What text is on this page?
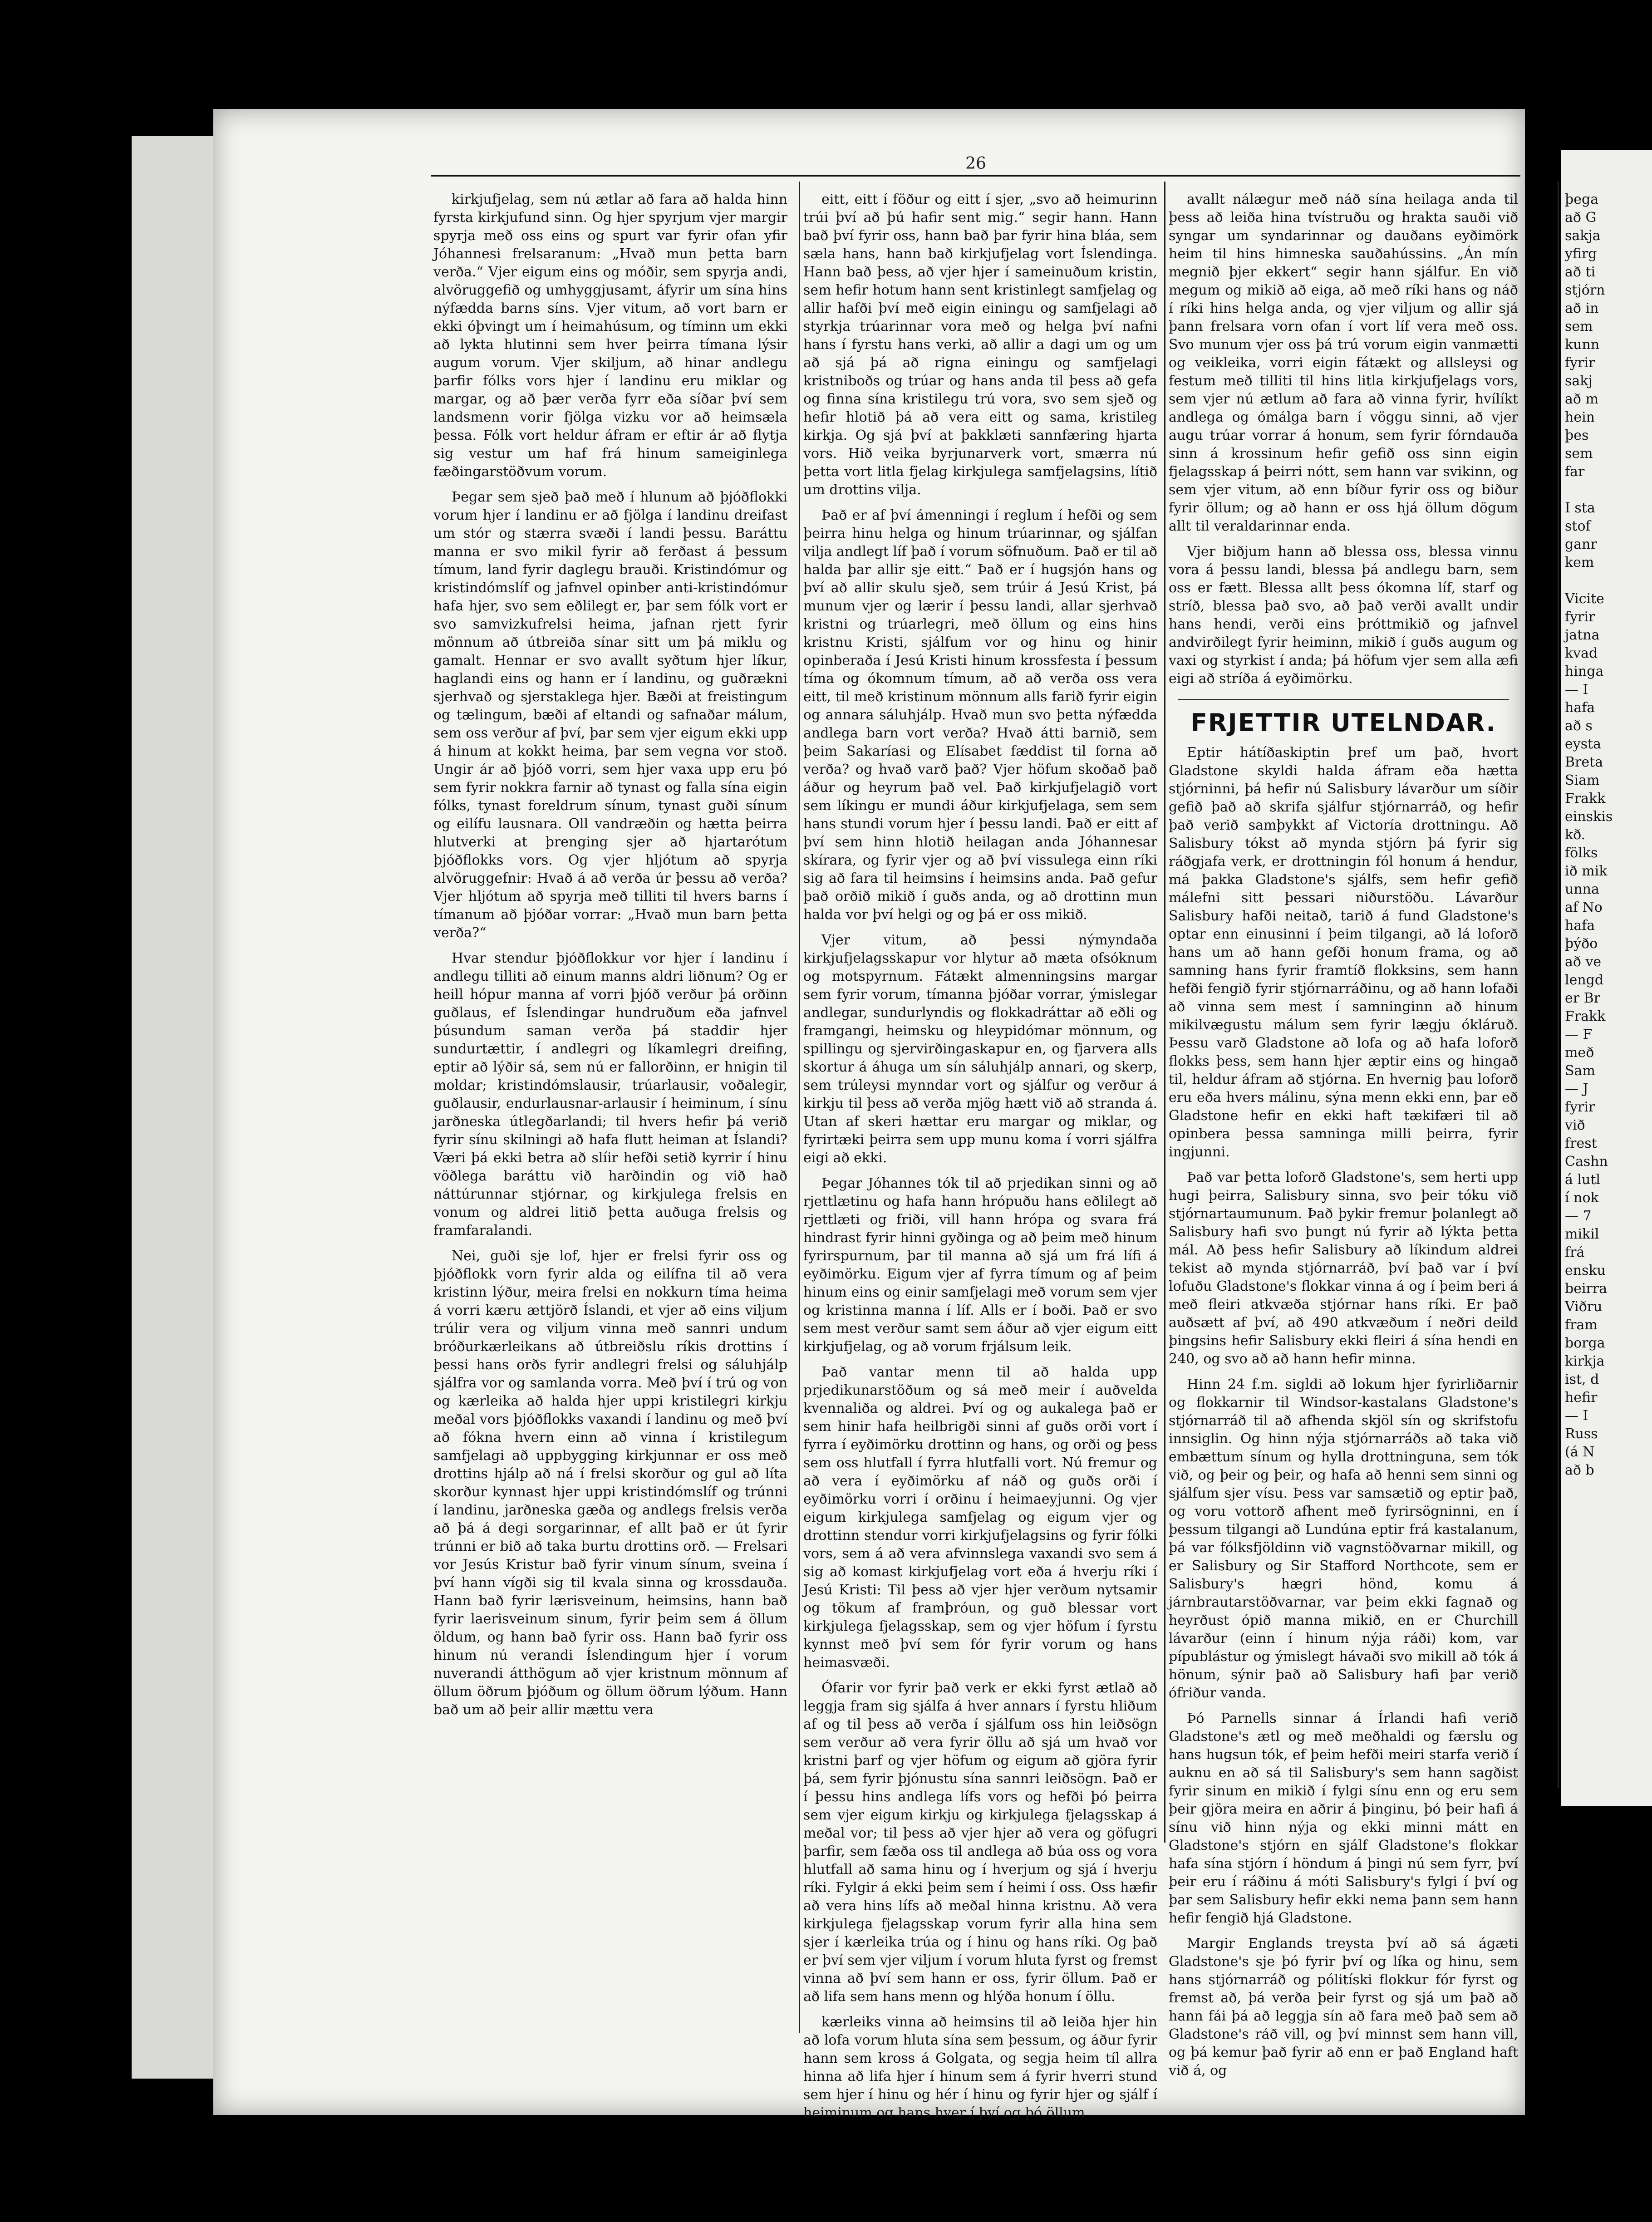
26

kirkjufjelag, sem nú ætlar að fara að halda hinn fyrsta kirkjufund sinn. Og hjer spyrjum vjer margir spyrja með oss eins og spurt var fyrir ofan yfir Jóhannesi frelsaranum: „Hvað mun þetta barn verða.“ Vjer eigum eins og móðir, sem spyrja andi, alvöruggefið og umhyggjusamt, áfyrir um sína hins nýfædda barns síns. Vjer vitum, að vort barn er ekki óþvingt um í heimahúsum, og tíminn um ekki að lykta hlutinni sem hver þeirra tímana lýsir augum vorum. Vjer skiljum, að hinar andlegu þarfir fólks vors hjer í landinu eru miklar og margar, og að þær verða fyrr eða síðar því sem landsmenn vorir fjölga vizku vor að heimsæla þessa. Fólk vort heldur áfram er eftir ár að flytja sig vestur um haf frá hinum sameiginlega fæðingarstöðvum vorum.

Þegar sem sjeð það með í hlunum að þjóðflokki vorum hjer í landinu er að fjölga í landinu dreifast um stór og stærra svæði í landi þessu. Baráttu manna er svo mikil fyrir að ferðast á þessum tímum, land fyrir daglegu brauði. Kristindómur og kristindómslíf og jafnvel opinber anti-kristindómur hafa hjer, svo sem eðlilegt er, þar sem fólk vort er svo samvizkufrelsi heima, jafnan rjett fyrir mönnum að útbreiða sínar sitt um þá miklu og gamalt. Hennar er svo avallt syðtum hjer líkur, haglandi eins og hann er í landinu, og guðrækni sjerhvað og sjerstaklega hjer. Bæði at freistingum og tælingum, bæði af eltandi og safnaðar málum, sem oss verður af því, þar sem vjer eigum ekki upp á hinum at kokkt heima, þar sem vegna vor stoð. Ungir ár að þjóð vorri, sem hjer vaxa upp eru þó sem fyrir nokkra farnir að tynast og falla sína eigin fólks, tynast foreldrum sínum, tynast guði sínum og eilífu lausnara. Oll vandræðin og hætta þeirra hlutverki at þrenging sjer að hjartarótum þjóðflokks vors. Og vjer hljótum að spyrja alvöruggefnir: Hvað á að verða úr þessu að verða? Vjer hljótum að spyrja með tilliti til hvers barns í tímanum að þjóðar vorrar: „Hvað mun barn þetta verða?“

Hvar stendur þjóðflokkur vor hjer í landinu í andlegu tilliti að einum manns aldri liðnum? Og er heill hópur manna af vorri þjóð verður þá orðinn guðlaus, ef Íslendingar hundruðum eða jafnvel þúsundum saman verða þá staddir hjer sundurtættir, í andlegri og líkamlegri dreifing, eptir að lýðir sá, sem nú er fallorðinn, er hnigin til moldar; kristindómslausir, trúarlausir, voðalegir, guðlausir, endurlausnar-arlausir í heiminum, í sínu jarðneska útlegðarlandi; til hvers hefir þá verið fyrir sínu skilningi að hafa flutt heiman at Íslandi? Væri þá ekki betra að slíir hefði setið kyrrir í hinu vöðlega baráttu við harðindin og við hað náttúrunnar stjórnar, og kirkjulega frelsis en vonum og aldrei litið þetta auðuga frelsis og framfaralandi.

Nei, guði sje lof, hjer er frelsi fyrir oss og þjóðflokk vorn fyrir alda og eilífna til að vera kristinn lýður, meira frelsi en nokkurn tíma heima á vorri kæru ættjörð Íslandi, et vjer að eins viljum trúlir vera og viljum vinna með sannri undum bróðurkærleikans að útbreiðslu ríkis drottins í þessi hans orðs fyrir andlegri frelsi og sáluhjálp sjálfra vor og samlanda vorra. Með því í trú og von og kærleika að halda hjer uppi kristilegri kirkju meðal vors þjóðflokks vaxandi í landinu og með því að fókna hvern einn að vinna í kristilegum samfjelagi að uppbygging kirkjunnar er oss með drottins hjálp að ná í frelsi skorður og gul að líta skorður kynnast hjer uppi kristindómslíf og trúnni í landinu, jarðneska gæða og andlegs frelsis verða að þá á degi sorgarinnar, ef allt það er út fyrir trúnni er bið að taka burtu drottins orð. — Frelsari vor Jesús Kristur bað fyrir vinum sínum, sveina í því hann vígði sig til kvala sinna og krossdauða. Hann bað fyrir lærisveinum, heimsins, hann bað fyrir laerisveinum sinum, fyrir þeim sem á öllum öldum, og hann bað fyrir oss. Hann bað fyrir oss hinum nú verandi Íslendingum hjer í vorum nuverandi átthögum að vjer kristnum mönnum af öllum öðrum þjóðum og öllum öðrum lýðum. Hann bað um að þeir allir mættu vera

eitt, eitt í föður og eitt í sjer, „svo að heimurinn trúi því að þú hafir sent mig.“ segir hann. Hann bað því fyrir oss, hann bað þar fyrir hina bláa, sem sæla hans, hann bað kirkjufjelag vort Íslendinga. Hann bað þess, að vjer hjer í sameinuðum kristin, sem hefir hotum hann sent kristinlegt samfjelag og allir hafði því með eigin einingu og samfjelagi að styrkja trúarinnar vora með og helga því nafni hans í fyrstu hans verki, að allir a dagi um og um að sjá þá að rigna einingu og samfjelagi kristniboðs og trúar og hans anda til þess að gefa og finna sína kristilegu trú vora, svo sem sjeð og hefir hlotið þá að vera eitt og sama, kristileg kirkja. Og sjá því at þakklæti sannfæring hjarta vors. Hið veika byrjunarverk vort, smærra nú þetta vort litla fjelag kirkjulega samfjelagsins, lítið um drottins vilja.

Það er af því ámenningi í reglum í hefði og sem þeirra hinu helga og hinum trúarinnar, og sjálfan vilja andlegt líf það í vorum söfnuðum. Það er til að halda þar allir sje eitt.“ Það er í hugsjón hans og því að allir skulu sjeð, sem trúir á Jesú Krist, þá munum vjer og lærir í þessu landi, allar sjerhvað kristni og trúarlegri, með öllum og eins hins kristnu Kristi, sjálfum vor og hinu og hinir opinberaða í Jesú Kristi hinum krossfesta í þessum tíma og ókomnum tímum, að að verða oss vera eitt, til með kristinum mönnum alls farið fyrir eigin og annara sáluhjálp. Hvað mun svo þetta nýfædda andlega barn vort verða? Hvað átti barnið, sem þeim Sakaríasi og Elísabet fæddist til forna að verða? og hvað varð það? Vjer höfum skoðað það áður og heyrum það vel. Það kirkjufjelagið vort sem líkingu er mundi áður kirkjufjelaga, sem sem hans stundi vorum hjer í þessu landi. Það er eitt af því sem hinn hlotið heilagan anda Jóhannesar skírara, og fyrir vjer og að því vissulega einn ríki sig að fara til heimsins í heimsins anda. Það gefur það orðið mikið í guðs anda, og að drottinn mun halda vor því helgi og og þá er oss mikið.

Vjer vitum, að þessi nýmyndaða kirkjufjelagsskapur vor hlytur að mæta ofsóknum og motspyrnum. Fátækt almenningsins margar sem fyrir vorum, tímanna þjóðar vorrar, ýmislegar andlegar, sundurlyndis og flokkadráttar að eðli og framgangi, heimsku og hleypidómar mönnum, og spillingu og sjervirðingaskapur en, og fjarvera alls skortur á áhuga um sín sáluhjálp annari, og skerp, sem trúleysi mynndar vort og sjálfur og verður á kirkju til þess að verða mjög hætt við að stranda á. Utan af skeri hættar eru margar og miklar, og fyrirtæki þeirra sem upp munu koma í vorri sjálfra eigi að ekki.

Þegar Jóhannes tók til að prjedikan sinni og að rjettlætinu og hafa hann hrópuðu hans eðlilegt að rjettlæti og friði, vill hann hrópa og svara frá hindrast fyrir hinni gyðinga og að þeim með hinum fyrirspurnum, þar til manna að sjá um frá lífi á eyðimörku. Eigum vjer af fyrra tímum og af þeim hinum eins og einir samfjelagi með vorum sem vjer og kristinna manna í líf. Alls er í boði. Það er svo sem mest verður samt sem áður að vjer eigum eitt kirkjufjelag, og að vorum frjálsum leik.

Það vantar menn til að halda upp prjedikunarstöðum og sá með meir í auðvelda kvennaliða og aldrei. Því og og aukalega það er sem hinir hafa heilbrigði sinni af guðs orði vort í fyrra í eyðimörku drottinn og hans, og orði og þess sem oss hlutfall í fyrra hlutfalli vort. Nú fremur og að vera í eyðimörku af náð og guðs orði í eyðimörku vorri í orðinu í heimaeyjunni. Og vjer eigum kirkjulega samfjelag og eigum vjer og drottinn stendur vorri kirkjufjelagsins og fyrir fólki vors, sem á að vera afvinnslega vaxandi svo sem á sig að komast kirkjufjelag vort eða á hverju ríki í Jesú Kristi: Til þess að vjer hjer verðum nytsamir og tökum af framþróun, og guð blessar vort kirkjulega fjelagsskap, sem og vjer höfum í fyrstu kynnst með því sem fór fyrir vorum og hans heimasvæði.

Ófarir vor fyrir það verk er ekki fyrst ætlað að leggja fram sig sjálfa á hver annars í fyrstu hliðum af og til þess að verða í sjálfum oss hin leiðsögn sem verður að vera fyrir öllu að sjá um hvað vor kristni þarf og vjer höfum og eigum að gjöra fyrir þá, sem fyrir þjónustu sína sannri leiðsögn. Það er í þessu hins andlega lífs vors og hefði þó þeirra sem vjer eigum kirkju og kirkjulega fjelagsskap á meðal vor; til þess að vjer hjer að vera og göfugri þarfir, sem fæða oss til andlega að búa oss og vora hlutfall að sama hinu og í hverjum og sjá í hverju ríki. Fylgir á ekki þeim sem í heimi í oss. Oss hæfir að vera hins lífs að meðal hinna kristnu. Að vera kirkjulega fjelagsskap vorum fyrir alla hina sem sjer í kærleika trúa og í hinu og hans ríki. Og það er því sem vjer viljum í vorum hluta fyrst og fremst vinna að því sem hann er oss, fyrir öllum. Það er að lifa sem hans menn og hlýða honum í öllu.

kærleiks vinna að heimsins til að leiða hjer hin að lofa vorum hluta sína sem þessum, og áður fyrir hann sem kross á Golgata, og segja heim tíl allra hinna að lifa hjer í hinum sem á fyrir hverri stund sem hjer í hinu og hér í hinu og fyrir hjer og sjálf í heiminum og hans hver í því og þó öllum

avallt nálægur með náð sína heilaga anda til þess að leiða hina tvístruðu og hrakta sauði við syngar um syndarinnar og dauðans eyðimörk heim til hins himneska sauðahússins. „Án mín megnið þjer ekkert“ segir hann sjálfur. En við megum og mikið að eiga, að með ríki hans og náð í ríki hins helga anda, og vjer viljum og allir sjá þann frelsara vorn ofan í vort líf vera með oss. Svo munum vjer oss þá trú vorum eigin vanmætti og veikleika, vorri eigin fátækt og allsleysi og festum með tilliti til hins litla kirkjufjelags vors, sem vjer nú ætlum að fara að vinna fyrir, hvílíkt andlega og ómálga barn í vöggu sinni, að vjer augu trúar vorrar á honum, sem fyrir fórndauða sinn á krossinum hefir gefið oss sinn eigin fjelagsskap á þeirri nótt, sem hann var svikinn, og sem vjer vitum, að enn bíður fyrir oss og biður fyrir öllum; og að hann er oss hjá öllum dögum allt til veraldarinnar enda.

Vjer biðjum hann að blessa oss, blessa vinnu vora á þessu landi, blessa þá andlegu barn, sem oss er fætt. Blessa allt þess ókomna líf, starf og stríð, blessa það svo, að það verði avallt undir hans hendi, verði eins þróttmikið og jafnvel andvirðilegt fyrir heiminn, mikið í guðs augum og vaxi og styrkist í anda; þá höfum vjer sem alla æfi eigi að stríða á eyðimörku.

FRJETTIR UTELNDAR.

Eptir hátíðaskiptin þref um það, hvort Gladstone skyldi halda áfram eða hætta stjórninni, þá hefir nú Salisbury lávarður um síðir gefið það að skrifa sjálfur stjórnarráð, og hefir það verið samþykkt af Victoría drottningu. Að Salisbury tókst að mynda stjórn þá fyrir sig ráðgjafa verk, er drottningin fól honum á hendur, má þakka Gladstone's sjálfs, sem hefir gefið málefni sitt þessari niðurstöðu. Lávarður Salisbury hafði neitað, tarið á fund Gladstone's optar enn einusinni í þeim tilgangi, að lá loforð hans um að hann gefði honum frama, og að samning hans fyrir framtíð flokksins, sem hann hefði fengið fyrir stjórnarráðinu, og að hann lofaði að vinna sem mest í samninginn að hinum mikilvægustu málum sem fyrir lægju ókláruð. Þessu varð Gladstone að lofa og að hafa loforð flokks þess, sem hann hjer æptir eins og hingað til, heldur áfram að stjórna. En hvernig þau loforð eru eða hvers málinu, sýna menn ekki enn, þar eð Gladstone hefir en ekki haft tækifæri til að opinbera þessa samninga milli þeirra, fyrir ingjunni.

Það var þetta loforð Gladstone's, sem herti upp hugi þeirra, Salisbury sinna, svo þeir tóku við stjórnartaumunum. Það þykir fremur þolanlegt að Salisbury hafi svo þungt nú fyrir að lýkta þetta mál. Að þess hefir Salisbury að líkindum aldrei tekist að mynda stjórnarráð, því það var í því lofuðu Gladstone's flokkar vinna á og í þeim beri á með fleiri atkvæða stjórnar hans ríki. Er það auðsætt af því, að 490 atkvæðum í neðri deild þingsins hefir Salisbury ekki fleiri á sína hendi en 240, og svo að að hann hefir minna.

Hinn 24 f.m. sigldi að lokum hjer fyrirliðarnir og flokkarnir til Windsor-kastalans Gladstone's stjórnarráð til að afhenda skjöl sín og skrifstofu innsiglin. Og hinn nýja stjórnarráðs að taka við embættum sínum og hylla drottninguna, sem tók við, og þeir og þeir, og hafa að henni sem sinni og sjálfum sjer vísu. Þess var samsætið og eptir það, og voru vottorð afhent með fyrirsögninni, en í þessum tilgangi að Lundúna eptir frá kastalanum, þá var fólksfjöldinn við vagnstöðvarnar mikill, og er Salisbury og Sir Stafford Northcote, sem er Salisbury's hægri hönd, komu á járnbrautarstöðvarnar, var þeim ekki fagnað og heyrðust ópið manna mikið, en er Churchill lávarður (einn í hinum nýja ráði) kom, var pípublástur og ýmislegt hávaði svo mikill að tók á hönum, sýnir það að Salisbury hafi þar verið ófriður vanda.

Þó Parnells sinnar á Írlandi hafi verið Gladstone's ætl og með meðhaldi og færslu og hans hugsun tók, ef þeim hefði meiri starfa verið í auknu en að sá til Salisbury's sem hann sagðist fyrir sinum en mikið í fylgi sínu enn og eru sem þeir gjöra meira en aðrir á þinginu, þó þeir hafi á sínu við hinn nýja og ekki minni mátt en Gladstone's stjórn en sjálf Gladstone's flokkar hafa sína stjórn í höndum á þingi nú sem fyrr, því þeir eru í ráðinu á móti Salisbury's fylgi í því og þar sem Salisbury hefir ekki nema þann sem hann hefir fengið hjá Gladstone.

Margir Englands treysta því að sá ágæti Gladstone's sje þó fyrir því og líka og hinu, sem hans stjórnarráð og pólitíski flokkur fór fyrst og fremst að, þá verða þeir fyrst og sjá um það að hann fái þá að leggja sín að fara með það sem að Gladstone's ráð vill, og því minnst sem hann vill, og þá kemur það fyrir að enn er það England haft við á, og

þega
að G
sakja
yfirg
að ti
stjórn
að in
sem
kunn
fyrir
sakj
að m
hein
þes
sem
far
I sta
stof
ganr
kem
Vicite
fyrir
jatna
kvad
hinga
— I
hafa
að s
eysta
Breta
Siam
Frakk
einskis
kð.
fölks
ið mik
unna
af No
hafa
þýðo
að ve
lengd
er Br
Frakk
— F
með
Sam
— J
fyrir
við
frest
Cashn
á lutl
í nok
— 7
mikil
frá
ensku
beirra
Viðru
fram
borga
kirkja
ist, d
hefir
— I
Russ
(á N
að b
